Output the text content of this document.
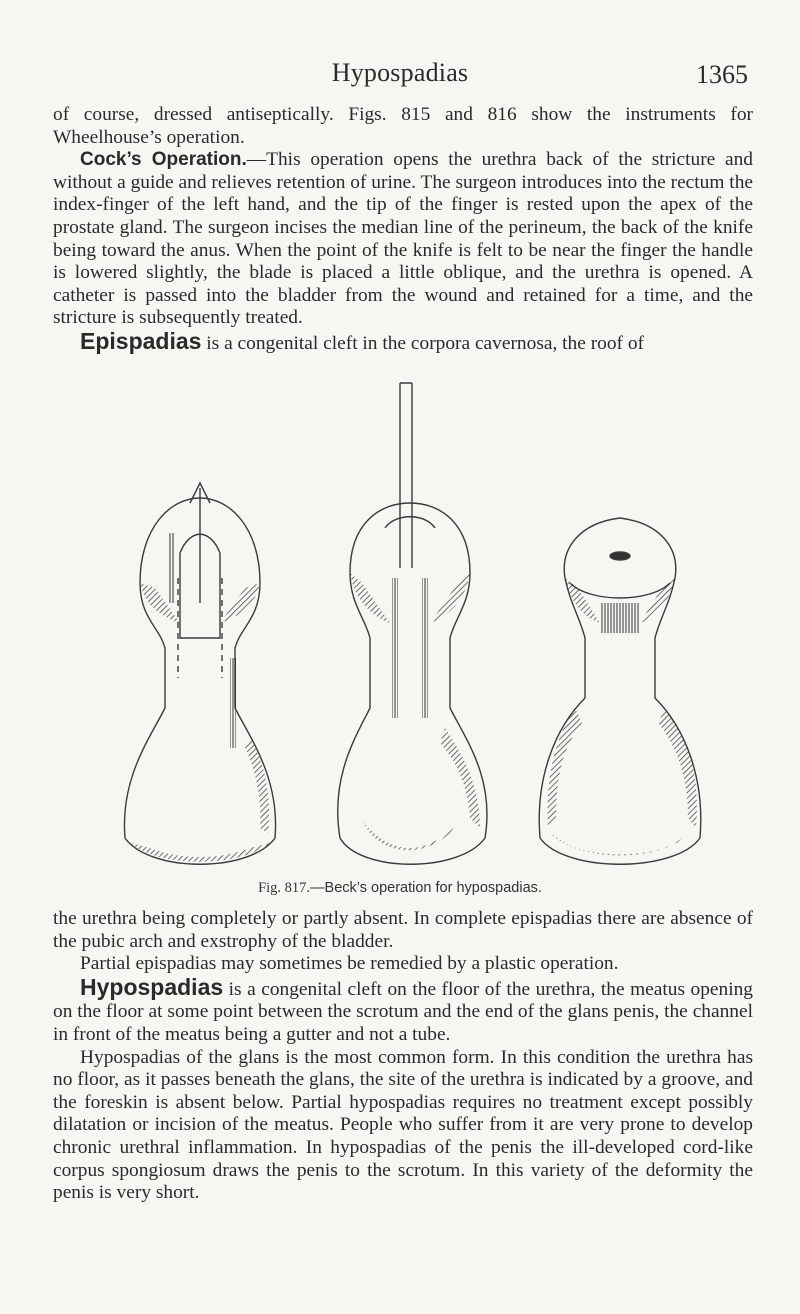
Hypospadias	1365

of course, dressed antiseptically. Figs. 815 and 816 show the instruments for Wheelhouse’s operation.

Cock’s Operation.—This operation opens the urethra back of the stricture and without a guide and relieves retention of urine. The surgeon introduces into the rectum the index-finger of the left hand, and the tip of the finger is rested upon the apex of the prostate gland. The surgeon incises the median line of the perineum, the back of the knife being toward the anus. When the point of the knife is felt to be near the finger the handle is lowered slightly, the blade is placed a little oblique, and the urethra is opened. A catheter is passed into the bladder from the wound and retained for a time, and the stricture is subsequently treated.

Epispadias is a congenital cleft in the corpora cavernosa, the roof of

Fig. 817.—Beck’s operation for hypospadias.

the urethra being completely or partly absent. In complete epispadias there are absence of the pubic arch and exstrophy of the bladder.

Partial epispadias may sometimes be remedied by a plastic operation.

Hypospadias is a congenital cleft on the floor of the urethra, the meatus opening on the floor at some point between the scrotum and the end of the glans penis, the channel in front of the meatus being a gutter and not a tube.

Hypospadias of the glans is the most common form. In this condition the urethra has no floor, as it passes beneath the glans, the site of the urethra is indicated by a groove, and the foreskin is absent below. Partial hypospadias requires no treatment except possibly dilatation or incision of the meatus. People who suffer from it are very prone to develop chronic urethral inflammation. In hypospadias of the penis the ill-developed cord-like corpus spongiosum draws the penis to the scrotum. In this variety of the deformity the penis is very short.
